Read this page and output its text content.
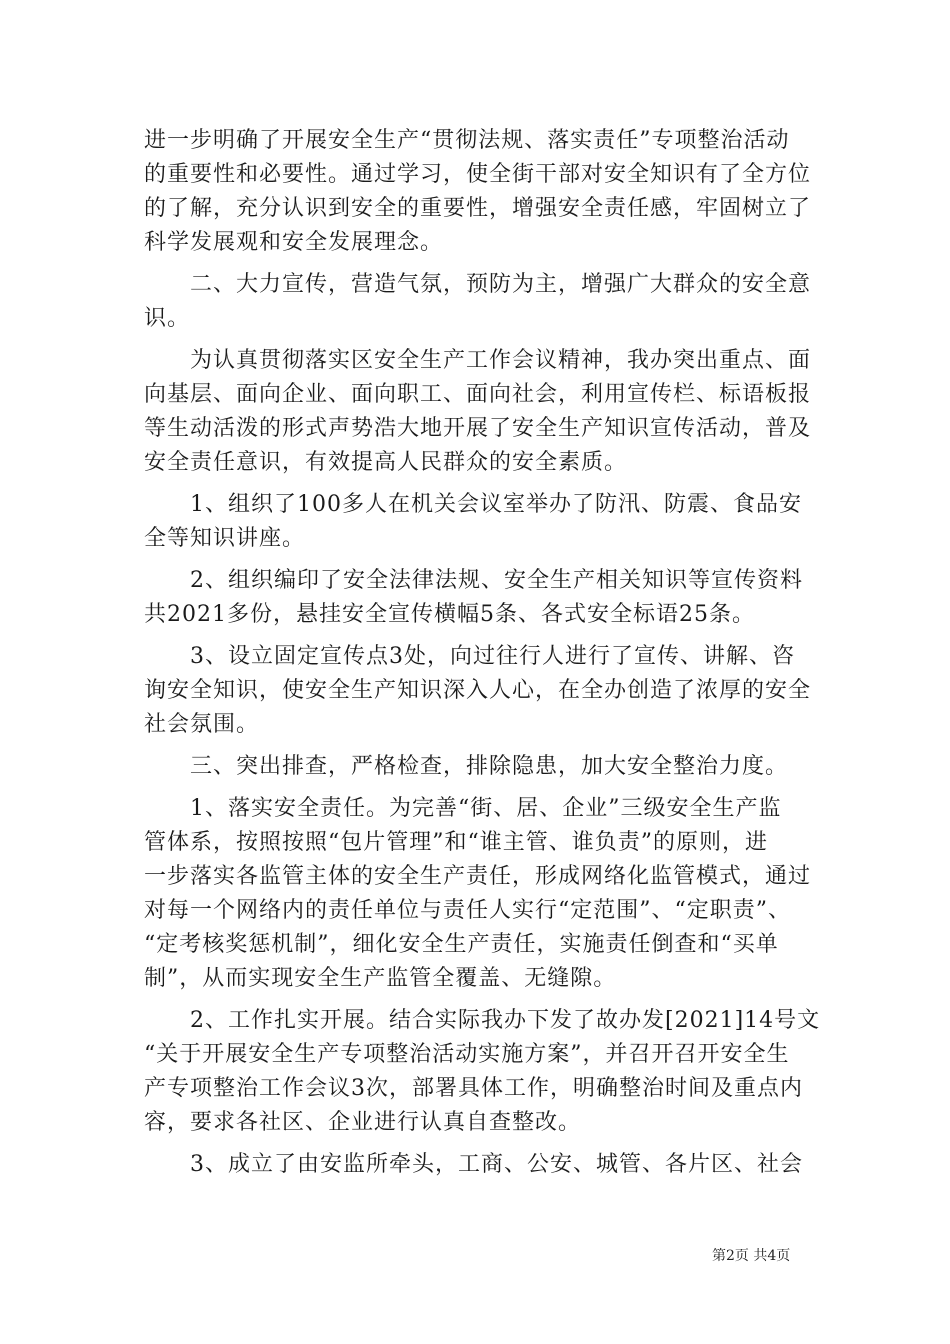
进一步明确了开展安全生产“贯彻法规、落实责任”专项整治活动
的重要性和必要性。通过学习，使全街干部对安全知识有了全方位
的了解，充分认识到安全的重要性，增强安全责任感，牢固树立了
科学发展观和安全发展理念。
　　二、大力宣传，营造气氛，预防为主，增强广大群众的安全意
识。
　　为认真贯彻落实区安全生产工作会议精神，我办突出重点、面
向基层、面向企业、面向职工、面向社会，利用宣传栏、标语板报
等生动活泼的形式声势浩大地开展了安全生产知识宣传活动，普及
安全责任意识，有效提高人民群众的安全素质。
　　1、组织了100多人在机关会议室举办了防汛、防震、食品安
全等知识讲座。
　　2、组织编印了安全法律法规、安全生产相关知识等宣传资料
共2021多份，悬挂安全宣传横幅5条、各式安全标语25条。
　　3、设立固定宣传点3处，向过往行人进行了宣传、讲解、咨
询安全知识，使安全生产知识深入人心，在全办创造了浓厚的安全
社会氛围。
　　三、突出排查，严格检查，排除隐患，加大安全整治力度。
　　1、落实安全责任。为完善“街、居、企业”三级安全生产监
管体系，按照按照“包片管理”和“谁主管、谁负责”的原则，进
一步落实各监管主体的安全生产责任，形成网络化监管模式，通过
对每一个网络内的责任单位与责任人实行“定范围”、“定职责”、
“定考核奖惩机制”，细化安全生产责任，实施责任倒查和“买单
制”，从而实现安全生产监管全覆盖、无缝隙。
　　2、工作扎实开展。结合实际我办下发了故办发[2021]14号文
“关于开展安全生产专项整治活动实施方案”，并召开召开安全生
产专项整治工作会议3次，部署具体工作，明确整治时间及重点内
容，要求各社区、企业进行认真自查整改。
　　3、成立了由安监所牵头，工商、公安、城管、各片区、社会
第2页 共4页
